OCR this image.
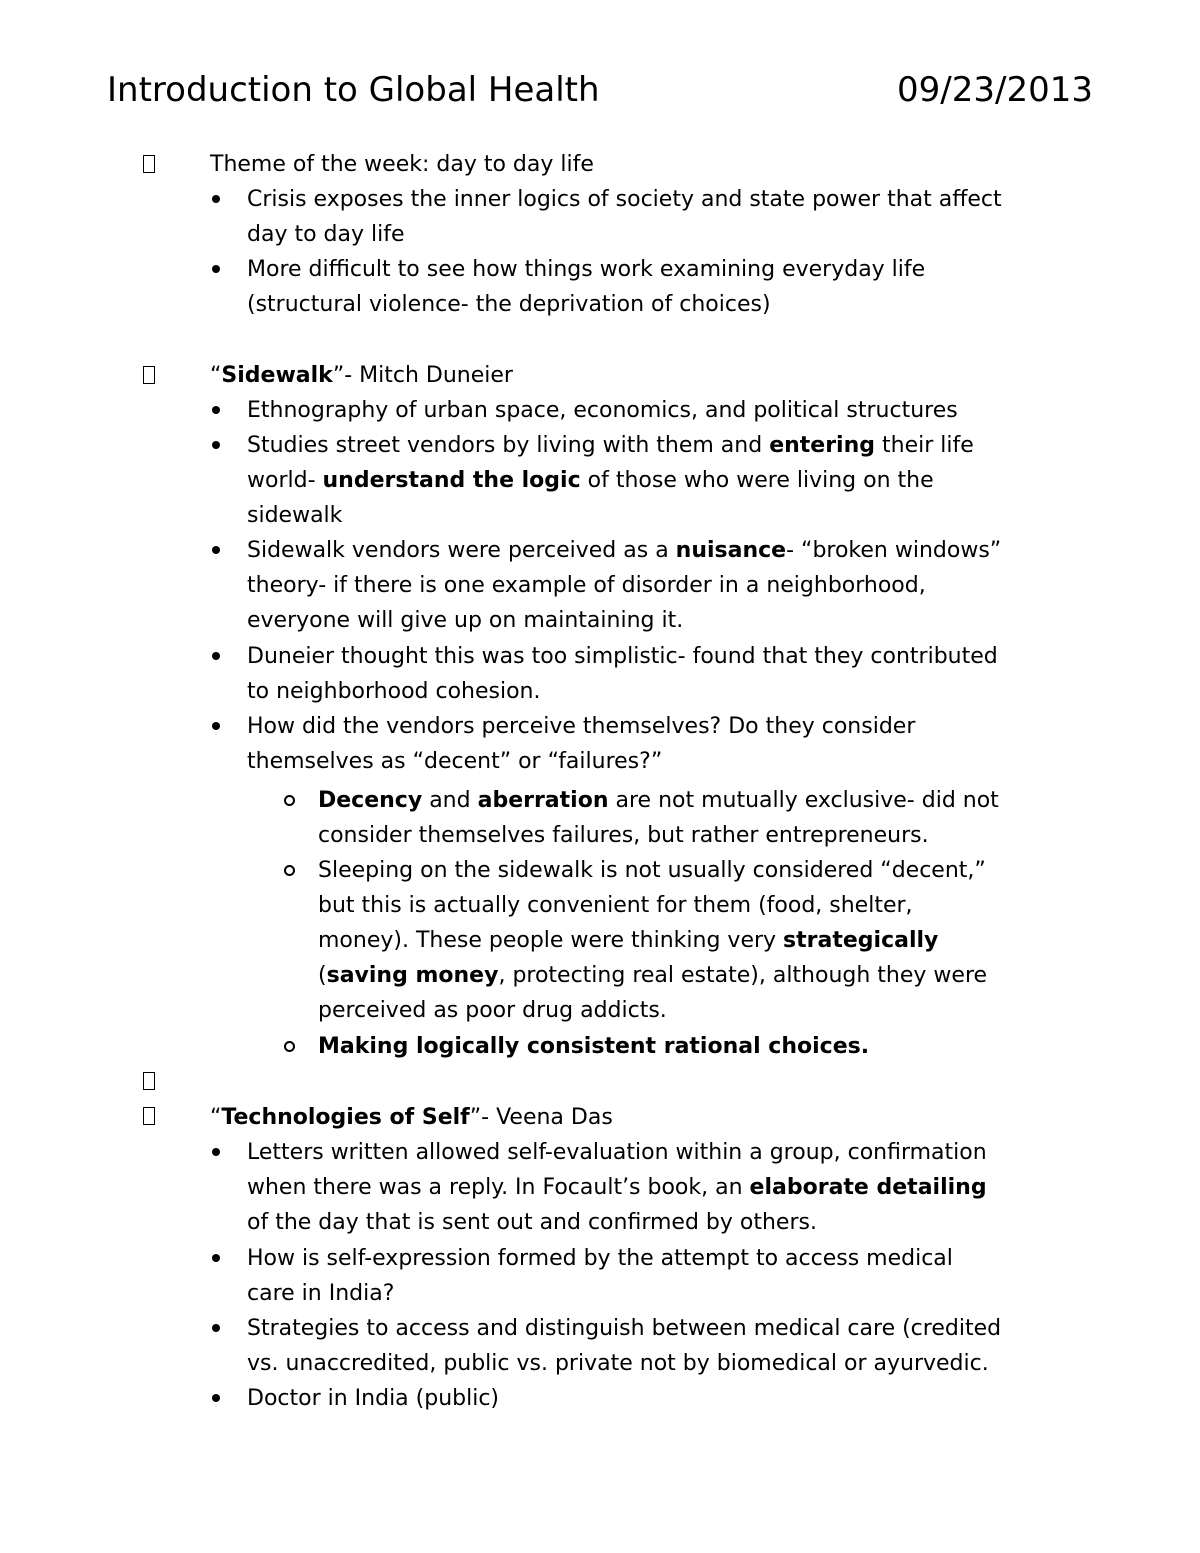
Introduction to Global Health	09/23/2013
Theme of the week: day to day life
Crisis exposes the inner logics of society and state power that affect
day to day life
More difficult to see how things work examining everyday life
(structural violence- the deprivation of choices)
“Sidewalk”- Mitch Duneier
Ethnography of urban space, economics, and political structures
Studies street vendors by living with them and entering their life
world- understand the logic of those who were living on the
sidewalk
Sidewalk vendors were perceived as a nuisance- “broken windows”
theory- if there is one example of disorder in a neighborhood,
everyone will give up on maintaining it.
Duneier thought this was too simplistic- found that they contributed
to neighborhood cohesion.
How did the vendors perceive themselves? Do they consider
themselves as “decent” or “failures?”
Decency and aberration are not mutually exclusive- did not
consider themselves failures, but rather entrepreneurs.
Sleeping on the sidewalk is not usually considered “decent,”
but this is actually convenient for them (food, shelter,
money). These people were thinking very strategically
(saving money, protecting real estate), although they were
perceived as poor drug addicts.
Making logically consistent rational choices.
“Technologies of Self”- Veena Das
Letters written allowed self-evaluation within a group, confirmation
when there was a reply. In Focault’s book, an elaborate detailing
of the day that is sent out and confirmed by others.
How is self-expression formed by the attempt to access medical
care in India?
Strategies to access and distinguish between medical care (credited
vs. unaccredited, public vs. private not by biomedical or ayurvedic.
Doctor in India (public)
